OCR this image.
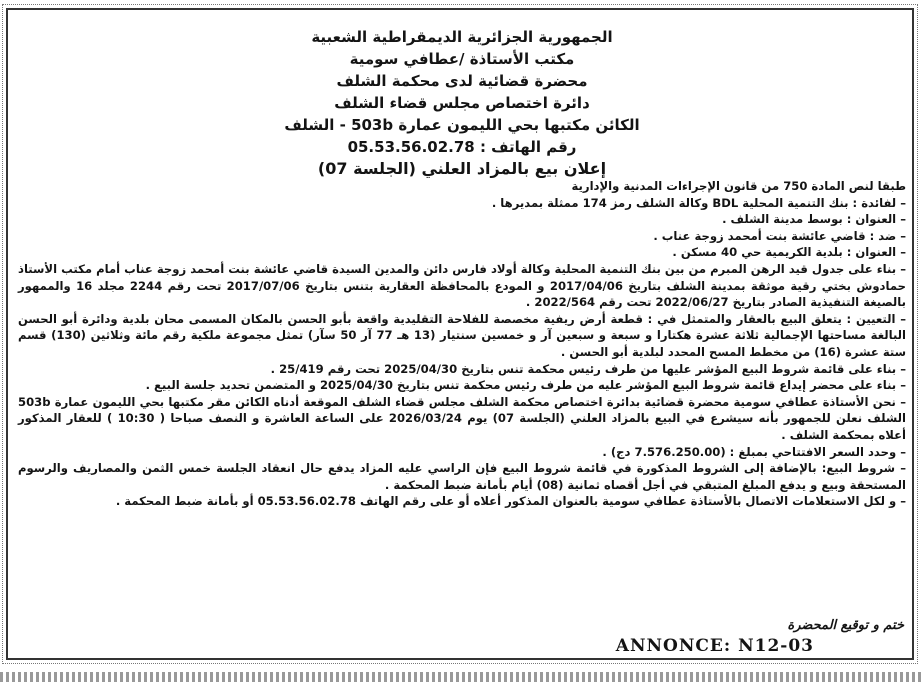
الجمهورية الجزائرية الديمقراطية الشعبية
مكتب الأستاذة /عطافي سومية
محضرة قضائية لدى محكمة الشلف
دائرة اختصاص مجلس قضاء الشلف
الكائن مكتبها بحي الليمون عمارة 503b - الشلف
رقم الهاتف : 05.53.56.02.78
إعلان بيع بالمزاد العلني (الجلسة 07)

طبقا لنص المادة 750 من قانون الإجراءات المدنية والإدارية

– لفائدة : بنك التنمية المحلية BDL وكالة الشلف رمز 174 ممثلة بمديرها .

– العنوان : بوسط مدينة الشلف .

– ضد : قاضي عائشة بنت أمحمد زوجة عناب .

– العنوان : بلدية الكريمية حي 40 مسكن .

– بناء على جدول قيد الرهن المبرم من بين بنك التنمية المحلية وكالة أولاد فارس دائن والمدين السيدة قاضي عائشة بنت أمحمد زوجة عناب أمام مكتب الأستاذ حمادوش بختي رقية موثقة بمدينة الشلف بتاريخ 2017/04/06 و المودع بالمحافظة العقارية بتنس بتاريخ 2017/07/06 تحت رقم 2244 مجلد 16 والممهور بالصيغة التنفيذية الصادر بتاريخ 2022/06/27 تحت رقم 2022/564 .

– التعيين : يتعلق البيع بالعقار والمتمثل في : قطعة أرض ريفية مخصصة للفلاحة التقليدية واقعة بأبو الحسن بالمكان المسمى محان بلدية ودائرة أبو الحسن البالغة مساحتها الإجمالية ثلاثة عشرة هكتارا و سبعة و سبعين آر و خمسين سنتيار (13 هـ 77 آر 50 سآر) تمثل مجموعة ملكية رقم مائة وثلاثين (130) قسم ستة عشرة (16) من مخطط المسح المحدد لبلدية أبو الحسن .

– بناء على قائمة شروط البيع المؤشر عليها من طرف رئيس محكمة تنس بتاريخ 2025/04/30 تحت رقم 25/419 .

– بناء على محضر إيداع قائمة شروط البيع المؤشر عليه من طرف رئيس محكمة تنس بتاريخ 2025/04/30 و المتضمن تحديد جلسة البيع .

– نحن الأستاذة عطافي سومية محضرة قضائية بدائرة اختصاص محكمة الشلف مجلس قضاء الشلف الموقعة أدناه الكائن مقر مكتبها بحي الليمون عمارة 503b الشلف نعلن للجمهور بأنه سيشرع في البيع بالمزاد العلني (الجلسة 07) يوم 2026/03/24 على الساعة العاشرة و النصف صباحا ( 10:30 ) للعقار المذكور أعلاه بمحكمة الشلف .

– وحدد السعر الافتتاحي بمبلغ : (7.576.250.00 دج) .

– شروط البيع: بالإضافة إلى الشروط المذكورة في قائمة شروط البيع فإن الراسي عليه المزاد يدفع حال انعقاد الجلسة خمس الثمن والمصاريف والرسوم المستحقة وبيع و يدفع المبلغ المتبقي في أجل أقصاه ثمانية (08) أيام بأمانة ضبط المحكمة .

– و لكل الاستعلامات الاتصال بالأستاذة عطافي سومية بالعنوان المذكور أعلاه أو على رقم الهاتف 05.53.56.02.78 أو بأمانة ضبط المحكمة .

ختم و توقيع المحضرة
ANNONCE: N12-03
